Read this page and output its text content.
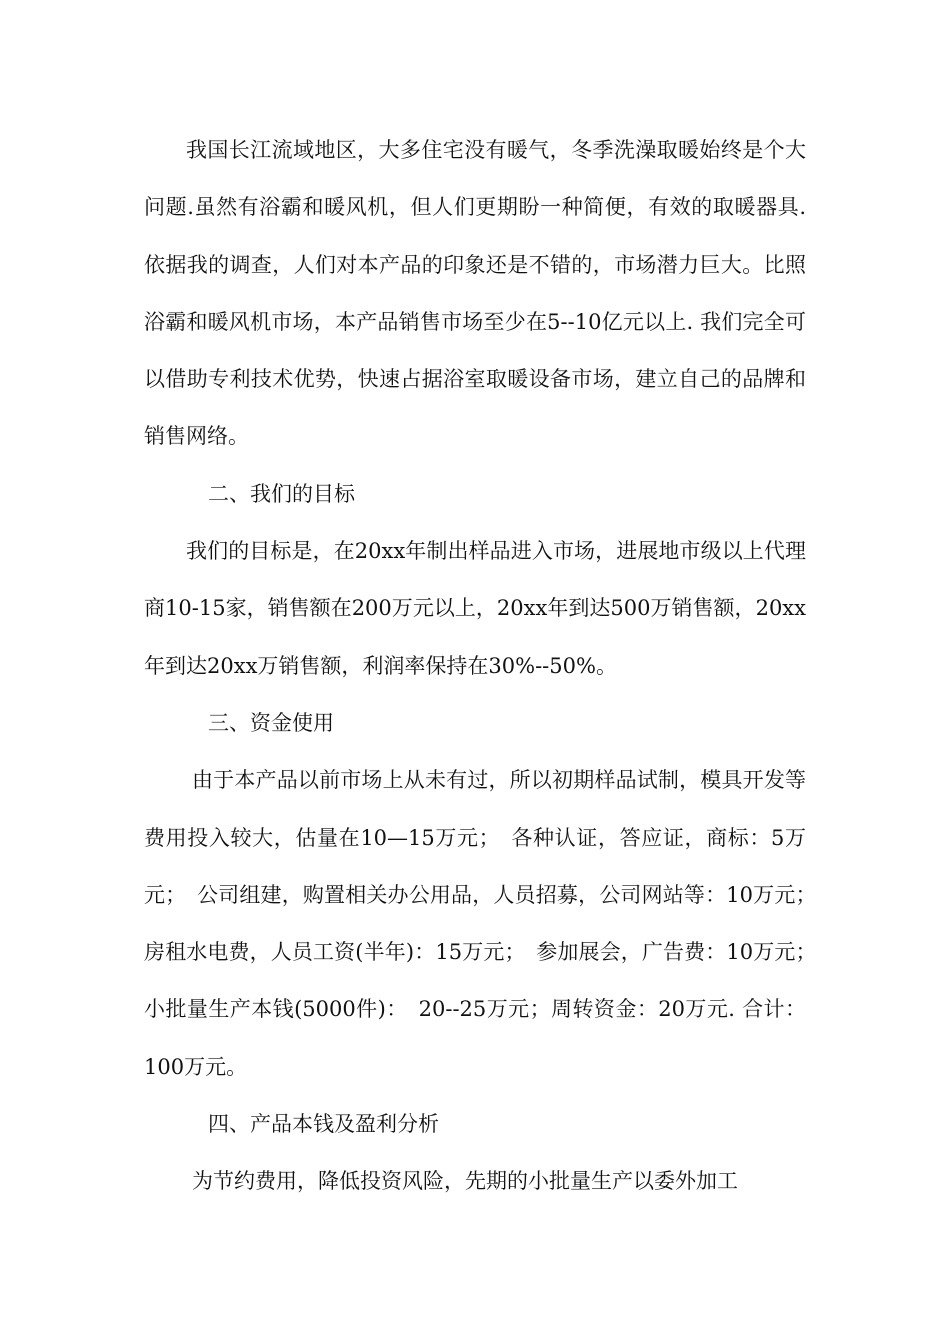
我国长江流域地区，大多住宅没有暖气，冬季洗澡取暖始终是个大问题.虽然有浴霸和暖风机，但人们更期盼一种简便，有效的取暖器具.依据我的调查，人们对本产品的印象还是不错的，市场潜力巨大。比照浴霸和暖风机市场，本产品销售市场至少在5--10亿元以上. 我们完全可以借助专利技术优势，快速占据浴室取暖设备市场，建立自己的品牌和销售网络。

二、我们的目标

我们的目标是，在20xx年制出样品进入市场，进展地市级以上代理商10-15家，销售额在200万元以上，20xx年到达500万销售额，20xx年到达20xx万销售额，利润率保持在30%--50%。

三、资金使用

由于本产品以前市场上从未有过，所以初期样品试制，模具开发等费用投入较大，估量在10—15万元；　各种认证，答应证，商标：5万元；　公司组建，购置相关办公用品，人员招募，公司网站等：10万元；　房租水电费，人员工资(半年)：15万元；　参加展会，广告费：10万元；　小批量生产本钱(5000件)：　20--25万元；周转资金：20万元. 合计：100万元。

四、产品本钱及盈利分析

为节约费用，降低投资风险，先期的小批量生产以委外加工
